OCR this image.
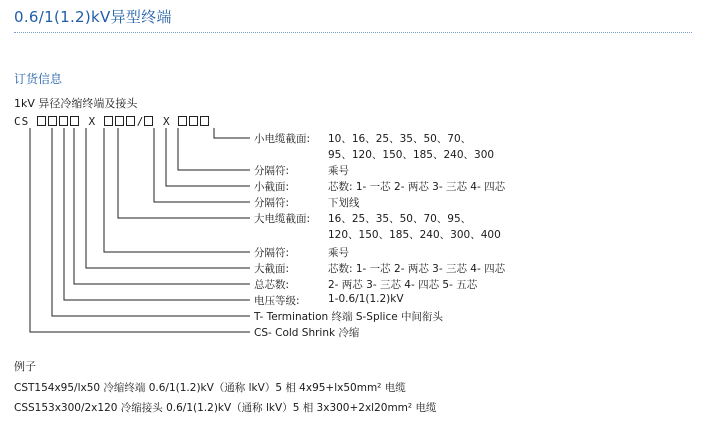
0.6/1(1.2)kV异型终端
订货信息
1kV 异径冷缩终端及接头
CS	X	/ X
小电缆截面: 10、16、25、35、50、70、
95、120、150、185、240、300
分隔符:	乘号
小截面:	芯数: 1- 一芯 2- 两芯 3- 三芯 4- 四芯
分隔符:	下划线
大电缆截面: 16、25、35、50、70、95、
120、150、185、240、300、400
分隔符:	乘号
大截面:	芯数: 1- 一芯 2- 两芯 3- 三芯 4- 四芯
总芯数:	2- 两芯 3- 三芯 4- 四芯 5- 五芯
电压等级:	1-0.6/1(1.2)kV
T- Termination 终端 S-Splice 中间衔头
CS- Cold Shrink 冷缩
例子
CST154x95/lx50 冷缩终端 0.6/1(1.2)kV（通称 lkV）5 相 4x95+lx50mm² 电缆
CSS153x300/2x120 冷缩接头 0.6/1(1.2)kV（通称 lkV）5 相 3x300+2xl20mm² 电缆
